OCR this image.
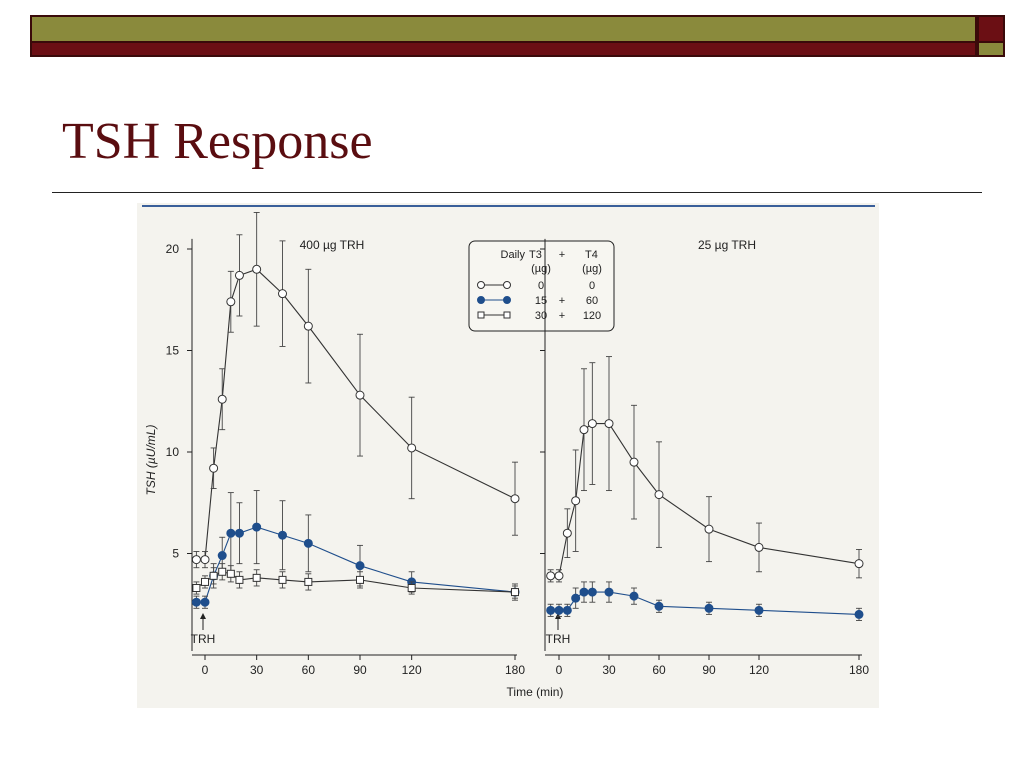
TSH Response
400 µg TRH	25 µg TRH
TSH (µU/mL)
Time (min)
TRH	TRH
Daily T3 + T4
(µg)	(µg)
0	0
15 + 60
30 + 120
5
10
15
20
0	30	60	90	120	180	0	30	60	90	120	180
